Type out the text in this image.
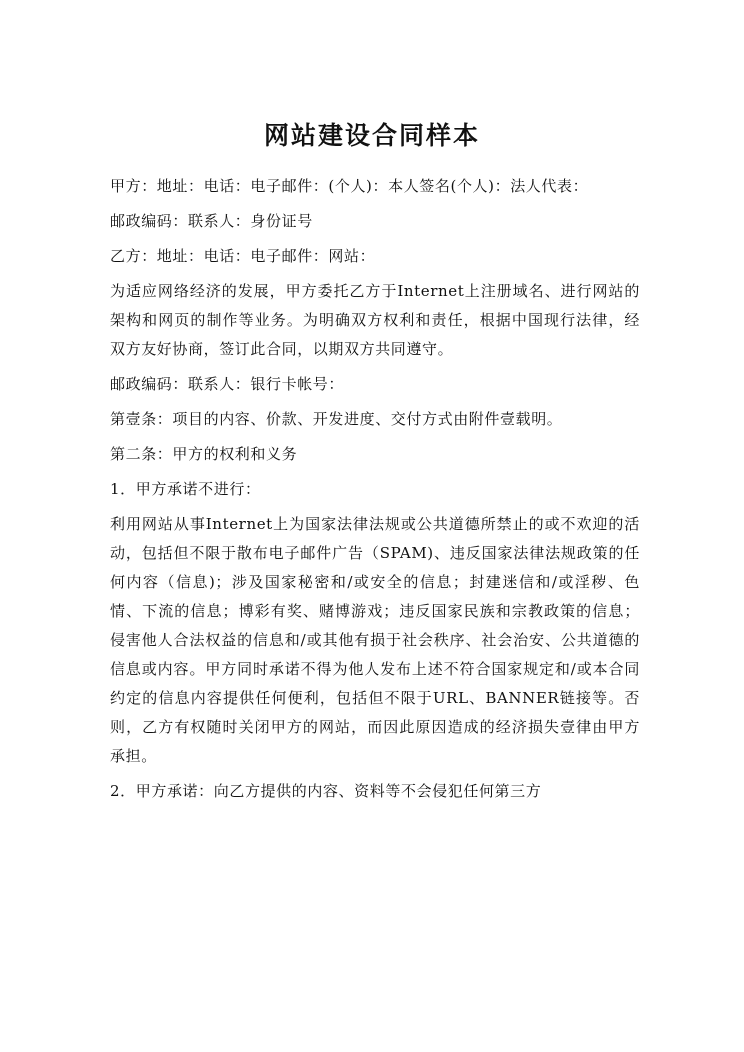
网站建设合同样本

甲方：地址：电话：电子邮件：(个人)：本人签名(个人)：法人代表：

邮政编码：联系人：身份证号

乙方：地址：电话：电子邮件：网站：

为适应网络经济的发展，甲方委托乙方于Internet上注册域名、进行网站的架构和网页的制作等业务。为明确双方权利和责任，根据中国现行法律，经双方友好协商，签订此合同，以期双方共同遵守。

邮政编码：联系人：银行卡帐号：

第壹条：项目的内容、价款、开发进度、交付方式由附件壹载明。

第二条：甲方的权利和义务

1．甲方承诺不进行：

利用网站从事Internet上为国家法律法规或公共道德所禁止的或不欢迎的活动，包括但不限于散布电子邮件广告（SPAM)、违反国家法律法规政策的任何内容（信息)；涉及国家秘密和/或安全的信息；封建迷信和/或淫秽、色情、下流的信息；博彩有奖、赌博游戏；违反国家民族和宗教政策的信息；侵害他人合法权益的信息和/或其他有损于社会秩序、社会治安、公共道德的信息或内容。甲方同时承诺不得为他人发布上述不符合国家规定和/或本合同约定的信息内容提供任何便利，包括但不限于URL、BANNER链接等。否则，乙方有权随时关闭甲方的网站，而因此原因造成的经济损失壹律由甲方承担。

2．甲方承诺：向乙方提供的内容、资料等不会侵犯任何第三方
